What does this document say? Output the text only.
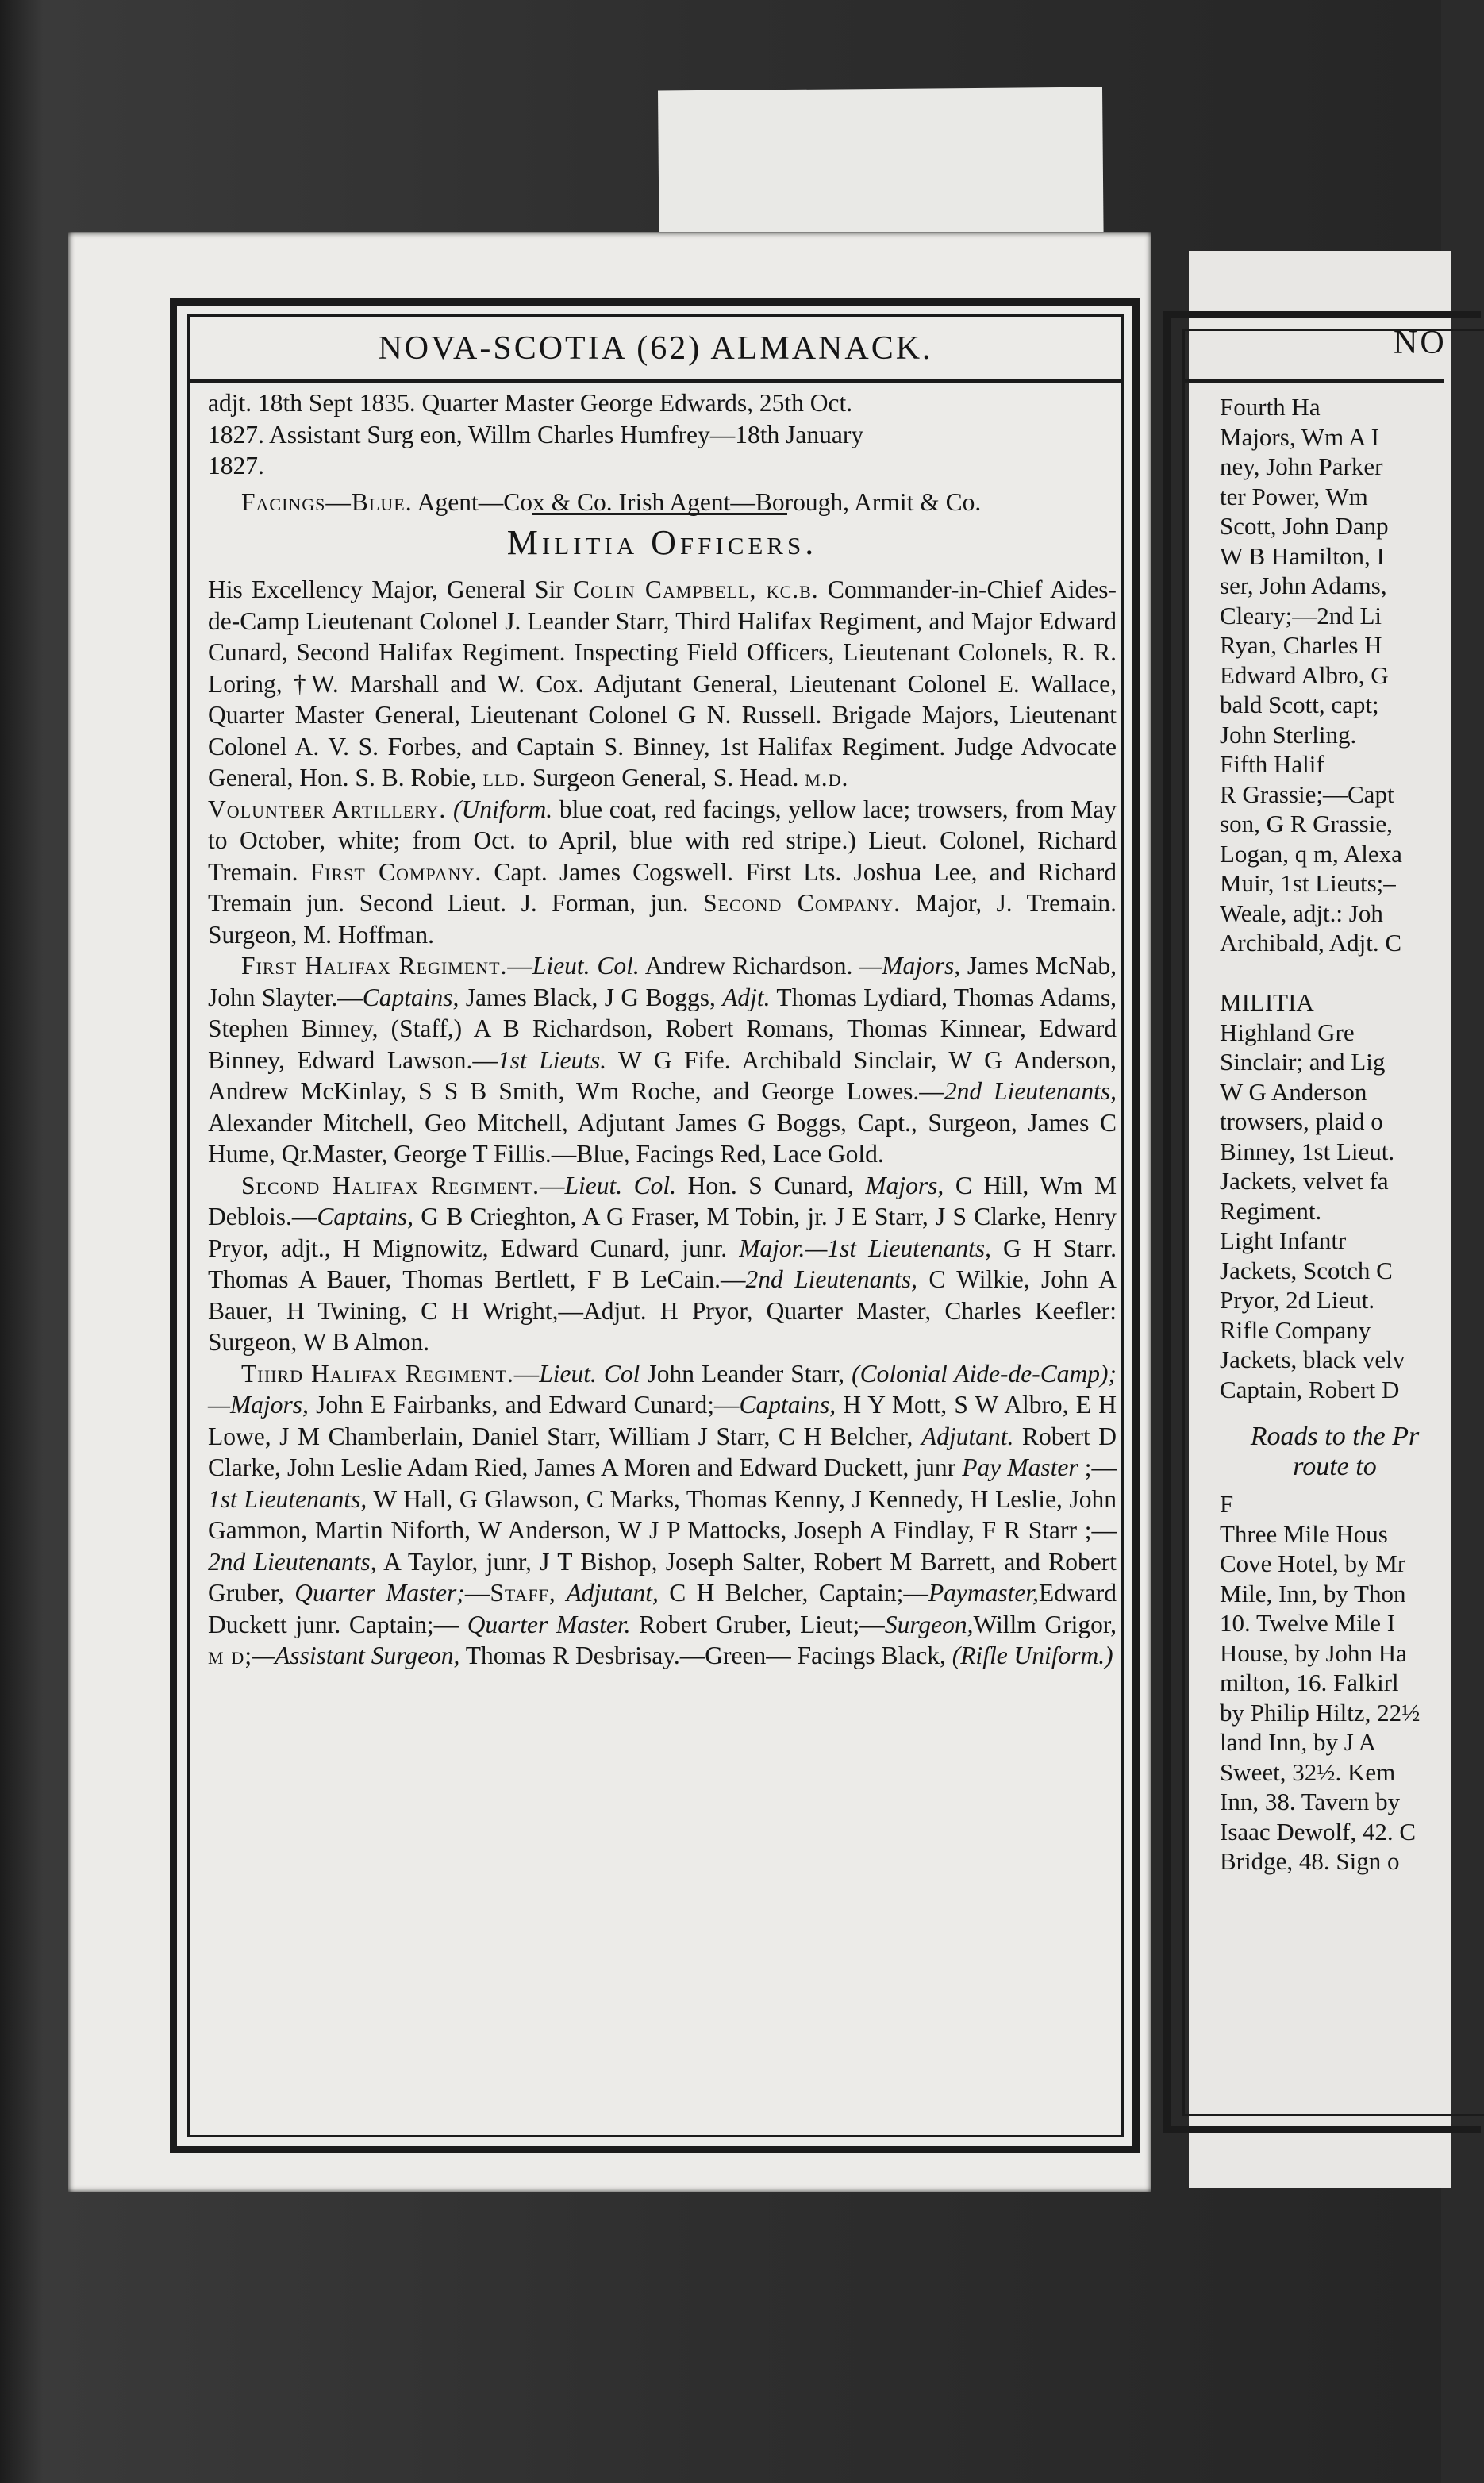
NOVA-SCOTIA (62) ALMANACK.	NO

adjt. 18th Sept 1835. Quarter Master George Edwards, 25th Oct.
1827. Assistant Surg eon, Willm Charles Humfrey—18th January
1827.

Facings—Blue. Agent—Cox & Co. Irish Agent—Borough, Armit & Co.

Militia Officers.

His Excellency Major, General Sir Colin Campbell, kc.b. Commander-in-Chief Aides-de-Camp Lieutenant Colonel J. Leander Starr, Third Halifax Regiment, and Major Edward Cunard, Second Halifax Regiment. Inspecting Field Officers, Lieutenant Colonels, R. R. Loring, †W. Marshall and W. Cox. Adjutant General, Lieutenant Colonel E. Wallace, Quarter Master General, Lieutenant Colonel G N. Russell. Brigade Majors, Lieutenant Colonel A. V. S. Forbes, and Captain S. Binney, 1st Halifax Regiment. Judge Advocate General, Hon. S. B. Robie, lld. Surgeon General, S. Head. m.d.

Volunteer Artillery. (Uniform. blue coat, red facings, yellow lace; trowsers, from May to October, white; from Oct. to April, blue with red stripe.) Lieut. Colonel, Richard Tremain. First Company. Capt. James Cogswell. First Lts. Joshua Lee, and Richard Tremain jun. Second Lieut. J. Forman, jun. Second Company. Major, J. Tremain. Surgeon, M. Hoffman.

First Halifax Regiment.—Lieut. Col. Andrew Richardson. —Majors, James McNab, John Slayter.—Captains, James Black, J G Boggs, Adjt. Thomas Lydiard, Thomas Adams, Stephen Binney, (Staff,) A B Richardson, Robert Romans, Thomas Kinnear, Edward Binney, Edward Lawson.—1st Lieuts. W G Fife. Archibald Sinclair, W G Anderson, Andrew McKinlay, S S B Smith, Wm Roche, and George Lowes.—2nd Lieutenants, Alexander Mitchell, Geo Mitchell, Adjutant James G Boggs, Capt., Surgeon, James C Hume, Qr.Master, George T Fillis.—Blue, Facings Red, Lace Gold.

Second Halifax Regiment.—Lieut. Col. Hon. S Cunard, Majors, C Hill, Wm M Deblois.—Captains, G B Crieghton, A G Fraser, M Tobin, jr. J E Starr, J S Clarke, Henry Pryor, adjt., H Mignowitz, Edward Cunard, junr. Major.—1st Lieutenants, G H Starr. Thomas A Bauer, Thomas Bertlett, F B LeCain.—2nd Lieutenants, C Wilkie, John A Bauer, H Twining, C H Wright,—Adjut. H Pryor, Quarter Master, Charles Keefler: Surgeon, W B Almon.

Third Halifax Regiment.—Lieut. Col John Leander Starr, (Colonial Aide-de-Camp);—Majors, John E Fairbanks, and Edward Cunard;—Captains, H Y Mott, S W Albro, E H Lowe, J M Chamberlain, Daniel Starr, William J Starr, C H Belcher, Adjutant. Robert D Clarke, John Leslie Adam Ried, James A Moren and Edward Duckett, junr Pay Master ;—1st Lieutenants, W Hall, G Glawson, C Marks, Thomas Kenny, J Kennedy, H Leslie, John Gammon, Martin Niforth, W Anderson, W J P Mattocks, Joseph A Findlay, F R Starr ;—2nd Lieutenants, A Taylor, junr, J T Bishop, Joseph Salter, Robert M Barrett, and Robert Gruber, Quarter Master;—Staff, Adjutant, C H Belcher, Captain;—Paymaster,Edward Duckett junr. Captain;— Quarter Master. Robert Gruber, Lieut;—Surgeon,Willm Grigor, m d;—Assistant Surgeon, Thomas R Desbrisay.—Green— Facings Black, (Rifle Uniform.)

Fourth Ha

Majors, Wm A I

ney, John Parker

ter Power, Wm

Scott, John Danp

W B Hamilton, I

ser, John Adams,

Cleary;—2nd Li

Ryan, Charles H

Edward Albro, G

bald Scott, capt;

John Sterling.

Fifth Halif

R Grassie;—Capt

son, G R Grassie,

Logan, q m, Alexa

Muir, 1st Lieuts;–

Weale, adjt.: Joh

Archibald, Adjt. C

MILITIA

Highland Gre

Sinclair; and Lig

W G Anderson

trowsers, plaid o

Binney, 1st Lieut.

Jackets, velvet fa

Regiment.

Light Infantr

Jackets, Scotch C

Pryor, 2d Lieut.

Rifle Company

Jackets, black velv

Captain, Robert D

Roads to the Pr
route to

F

Three Mile Hous

Cove Hotel, by Mr

Mile, Inn, by Thon

10. Twelve Mile I

House, by John Ha

milton, 16. Falkirl

by Philip Hiltz, 22½

land Inn, by J A

Sweet, 32½. Kem

Inn, 38. Tavern by

Isaac Dewolf, 42. C

Bridge, 48. Sign o
